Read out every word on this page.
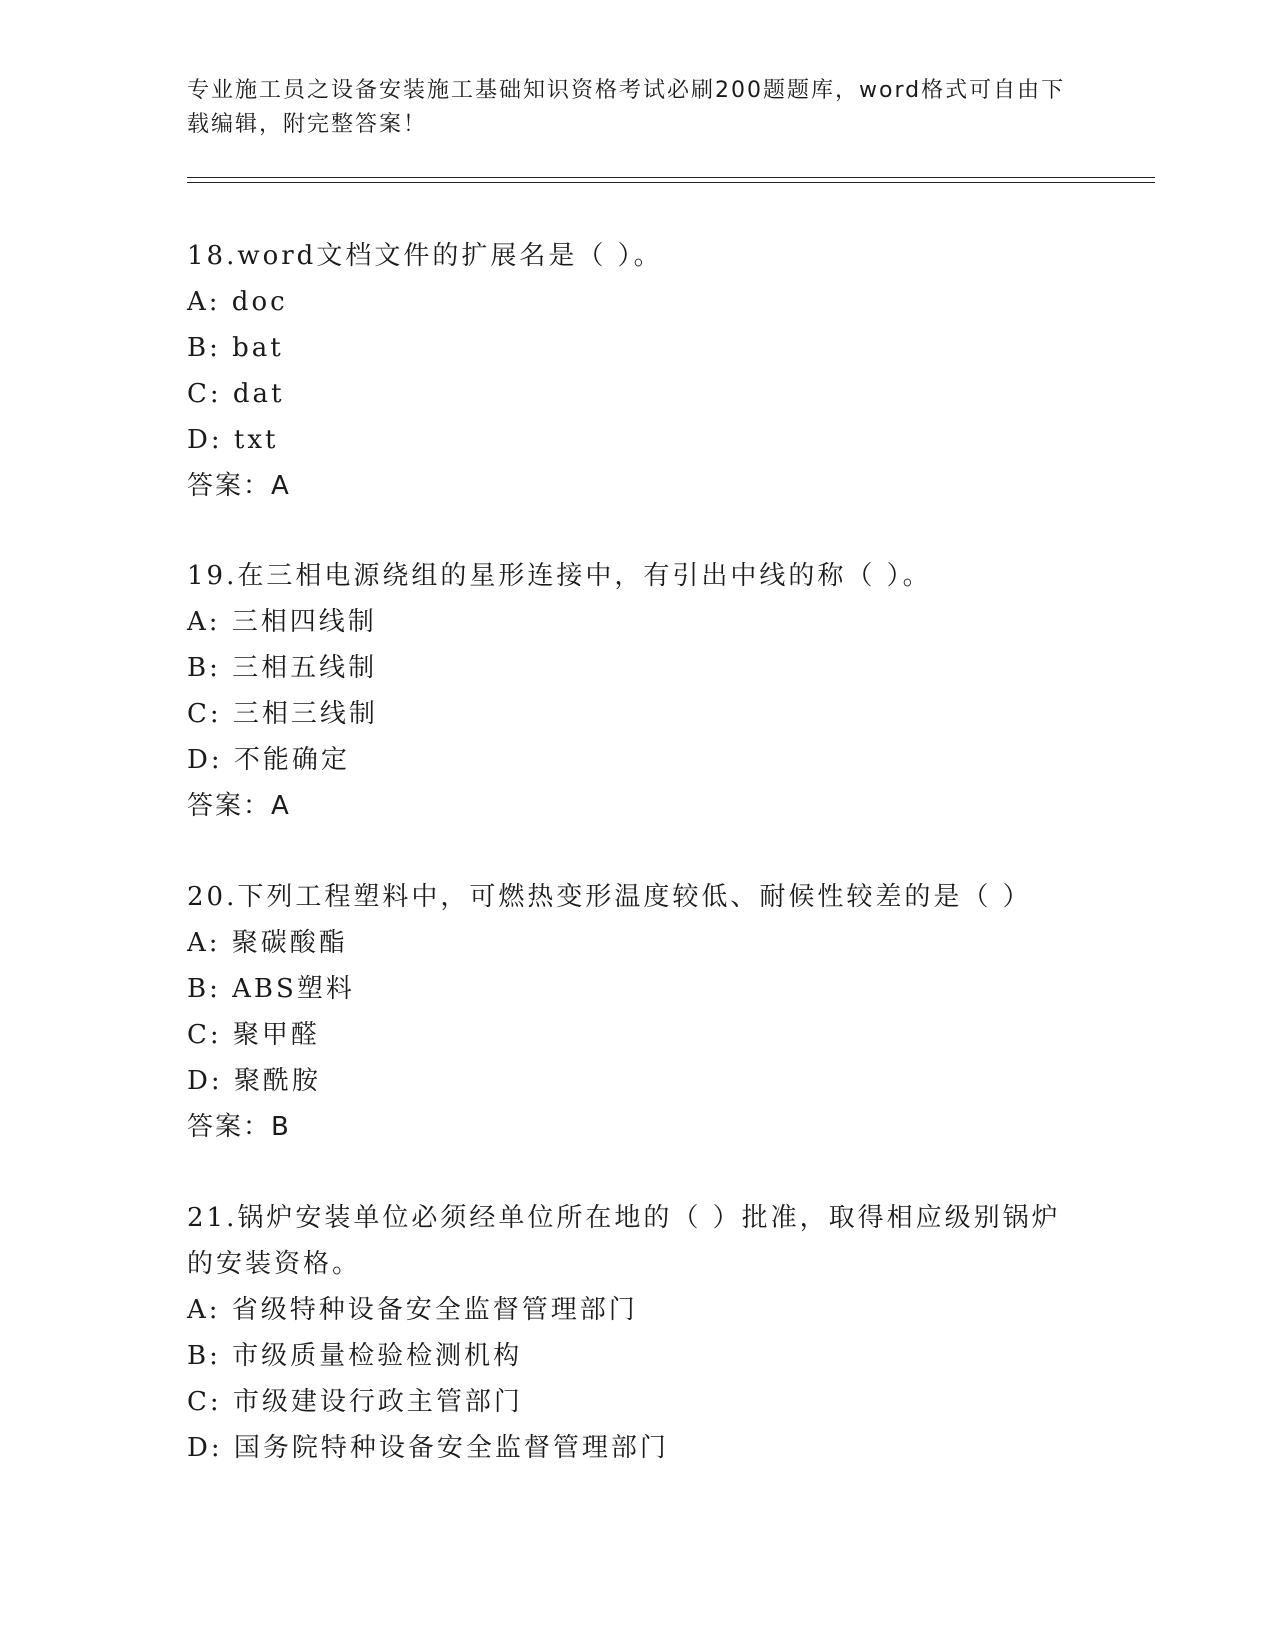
专业施工员之设备安装施工基础知识资格考试必刷200题题库，word格式可自由下载编辑，附完整答案！

18.word文档文件的扩展名是（ ）。

A: doc

B: bat

C: dat

D: txt

答案：A

19.在三相电源绕组的星形连接中，有引出中线的称（ ）。

A: 三相四线制

B: 三相五线制

C: 三相三线制

D: 不能确定

答案：A

20.下列工程塑料中，可燃热变形温度较低、耐候性较差的是（ ）

A: 聚碳酸酯

B: ABS塑料

C: 聚甲醛

D: 聚酰胺

答案：B

21.锅炉安装单位必须经单位所在地的（ ）批准，取得相应级别锅炉的安装资格。

A: 省级特种设备安全监督管理部门

B: 市级质量检验检测机构

C: 市级建设行政主管部门

D: 国务院特种设备安全监督管理部门
